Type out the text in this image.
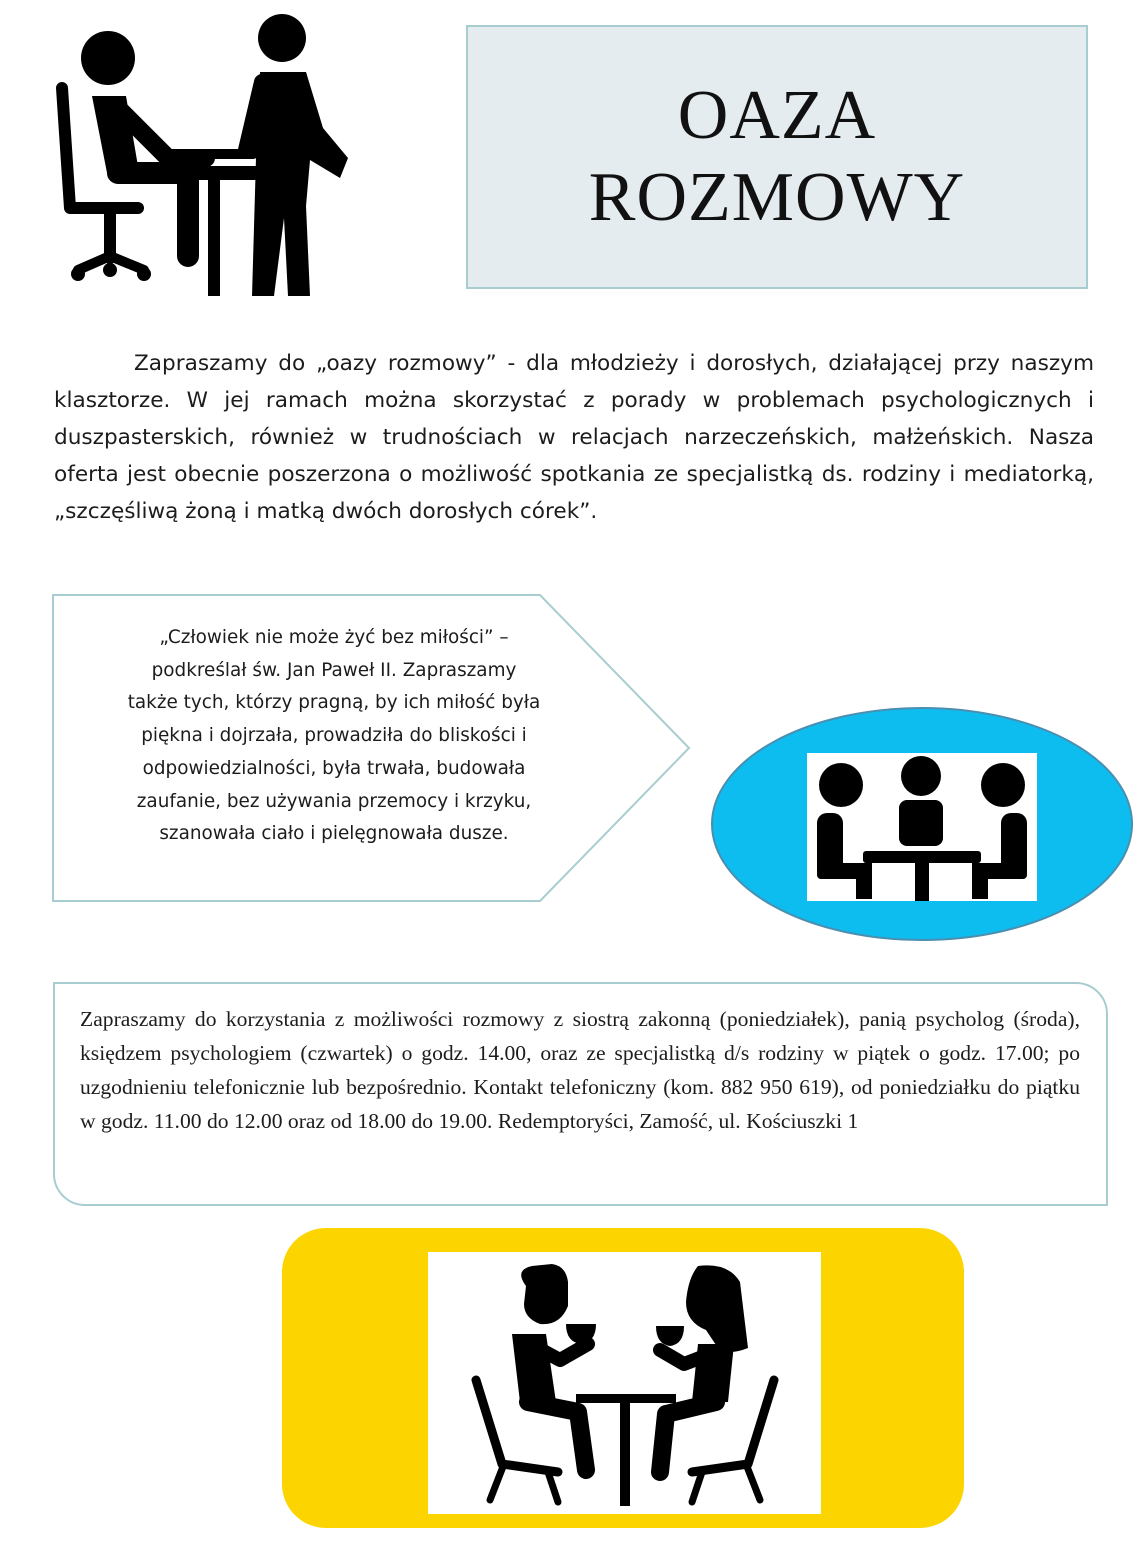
OAZA
ROZMOWY
Zapraszamy do „oazy rozmowy” - dla młodzieży i dorosłych, działającej przy naszym klasztorze. W jej ramach można skorzystać z porady w problemach psychologicznych i duszpasterskich, również w trudnościach w relacjach narzeczeńskich, małżeńskich. Nasza oferta jest obecnie poszerzona o możliwość spotkania ze specjalistką ds. rodziny i mediatorką, „szczęśliwą żoną i matką dwóch dorosłych córek”.
„Człowiek nie może żyć bez miłości” –
podkreślał św. Jan Paweł II. Zapraszamy
także tych, którzy pragną, by ich miłość była
piękna i dojrzała, prowadziła do bliskości i
odpowiedzialności, była trwała, budowała
zaufanie, bez używania przemocy i krzyku,
szanowała ciało i pielęgnowała dusze.
Zapraszamy do korzystania z możliwości rozmowy z siostrą zakonną (poniedziałek), panią psycholog (środa), księdzem psychologiem (czwartek) o godz. 14.00, oraz ze specjalistką d/s rodziny w piątek o godz. 17.00; po uzgodnieniu telefonicznie lub bezpośrednio. Kontakt telefoniczny (kom. 882 950 619), od poniedziałku do piątku w godz. 11.00 do 12.00 oraz od 18.00 do 19.00. Redemptoryści, Zamość, ul. Kościuszki 1
